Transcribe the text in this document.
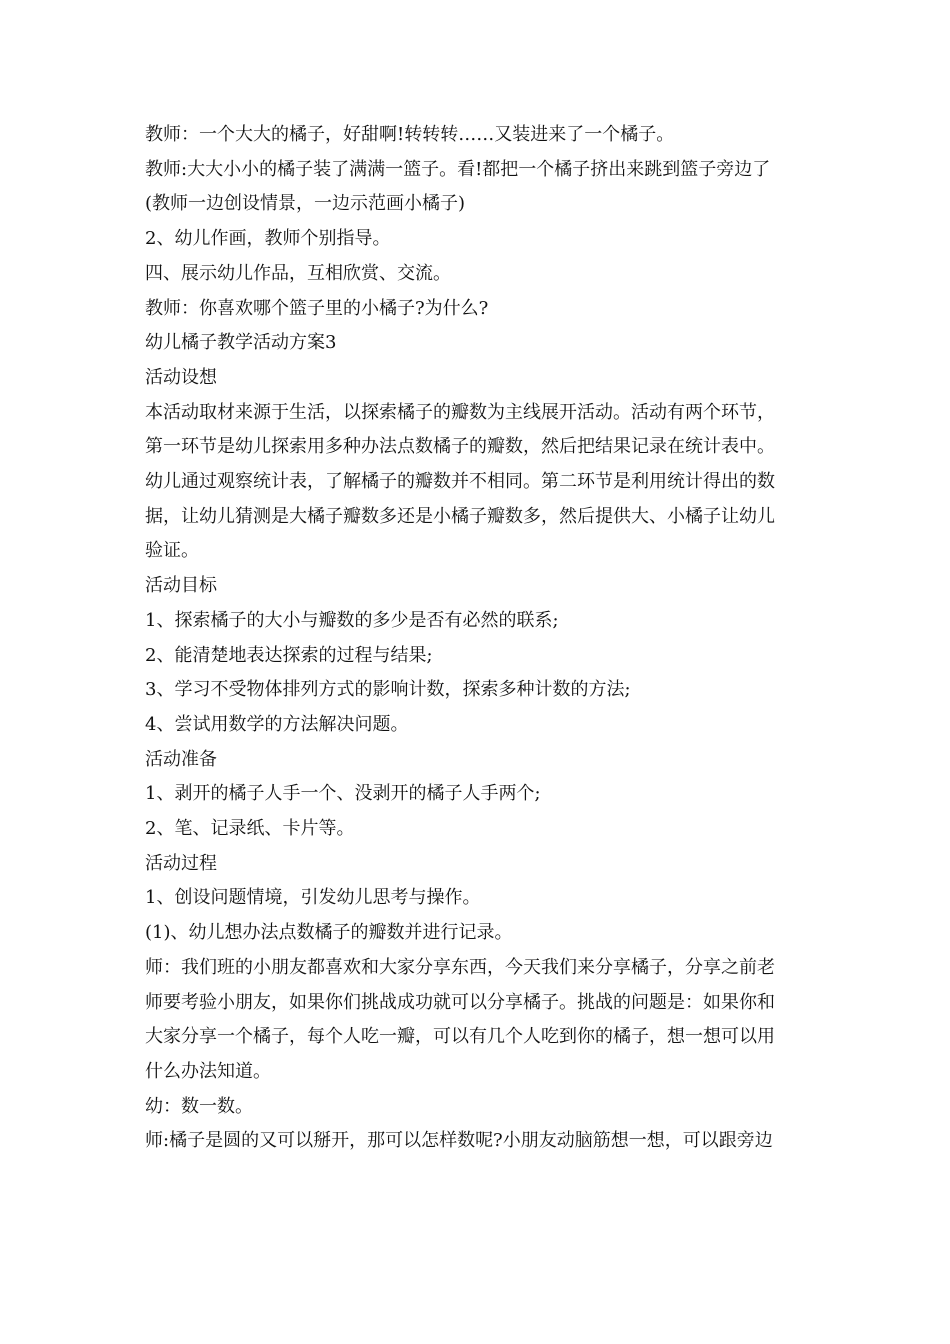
教师：一个大大的橘子，好甜啊!转转转……又装进来了一个橘子。
教师:大大小小的橘子装了满满一篮子。看!都把一个橘子挤出来跳到篮子旁边了
(教师一边创设情景，一边示范画小橘子)
2、幼儿作画，教师个别指导。
四、展示幼儿作品，互相欣赏、交流。
教师：你喜欢哪个篮子里的小橘子?为什么?
幼儿橘子教学活动方案3
活动设想
本活动取材来源于生活，以探索橘子的瓣数为主线展开活动。活动有两个环节，
第一环节是幼儿探索用多种办法点数橘子的瓣数，然后把结果记录在统计表中。
幼儿通过观察统计表，了解橘子的瓣数并不相同。第二环节是利用统计得出的数
据，让幼儿猜测是大橘子瓣数多还是小橘子瓣数多，然后提供大、小橘子让幼儿
验证。
活动目标
1、探索橘子的大小与瓣数的多少是否有必然的联系;
2、能清楚地表达探索的过程与结果;
3、学习不受物体排列方式的影响计数，探索多种计数的方法;
4、尝试用数学的方法解决问题。
活动准备
1、剥开的橘子人手一个、没剥开的橘子人手两个;
2、笔、记录纸、卡片等。
活动过程
1、创设问题情境，引发幼儿思考与操作。
(1)、幼儿想办法点数橘子的瓣数并进行记录。
师：我们班的小朋友都喜欢和大家分享东西，今天我们来分享橘子，分享之前老
师要考验小朋友，如果你们挑战成功就可以分享橘子。挑战的问题是：如果你和
大家分享一个橘子，每个人吃一瓣，可以有几个人吃到你的橘子，想一想可以用
什么办法知道。
幼：数一数。
师:橘子是圆的又可以掰开，那可以怎样数呢?小朋友动脑筋想一想，可以跟旁边
